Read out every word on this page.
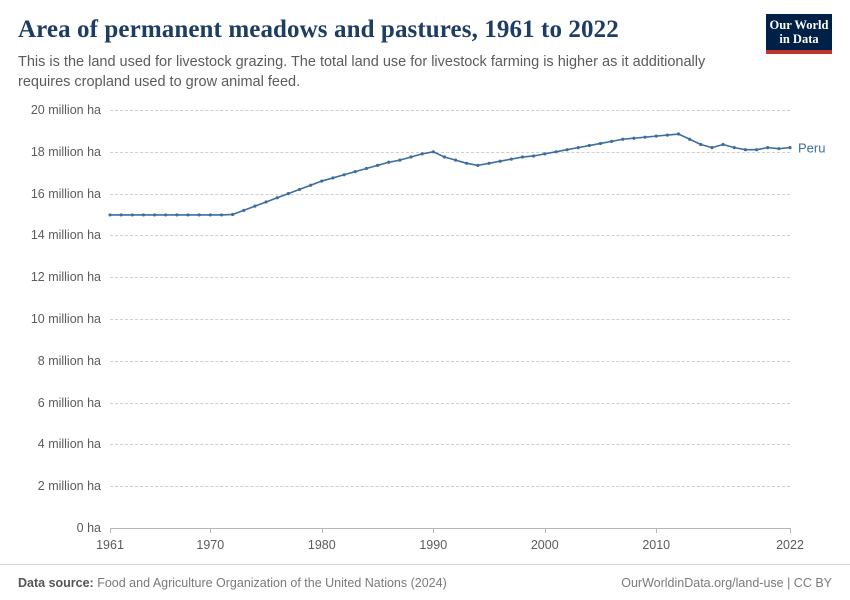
Our World
in Data
Area of permanent meadows and pastures, 1961 to 2022

This is the land used for livestock grazing. The total land use for livestock farming is higher as it additionally requires cropland used to grow animal feed.

0 ha
2 million ha
4 million ha
6 million ha
8 million ha
10 million ha
12 million ha
14 million ha
16 million ha
18 million ha
20 million ha
Peru
1961	1970	1980	1990	2000	2010	2022
Data source: Food and Agriculture Organization of the United Nations (2024)	OurWorldinData.org/land-use | CC BY
